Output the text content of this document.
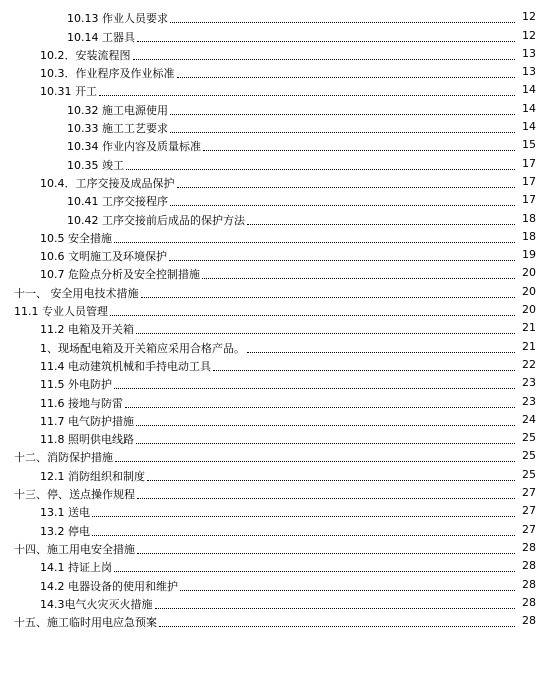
10.13 作业人员要求	12
10.14 工器具	12
10.2．安装流程图	13
10.3．作业程序及作业标准	13
10.31 开工	14
10.32 施工电源使用	14
10.33 施工工艺要求	14
10.34 作业内容及质量标准	15
10.35 竣工	17
10.4．工序交接及成品保护	17
10.41 工序交接程序	17
10.42 工序交接前后成品的保护方法	18
10.5 安全措施	18
10.6 文明施工及环境保护	19
10.7 危险点分析及安全控制措施	20
十一、 安全用电技术措施	20
11.1 专业人员管理	20
11.2 电箱及开关箱	21
1、现场配电箱及开关箱应采用合格产品。	21
11.4 电动建筑机械和手持电动工具	22
11.5 外电防护	23
11.6 接地与防雷	23
11.7 电气防护措施	24
11.8 照明供电线路	25
十二、消防保护措施	25
12.1 消防组织和制度	25
十三、停、送点操作规程	27
13.1 送电	27
13.2 停电	27
十四、施工用电安全措施	28
14.1 持证上岗	28
14.2 电器设备的使用和维护	28
14.3电气火灾灭火措施	28
十五、施工临时用电应急预案	28
